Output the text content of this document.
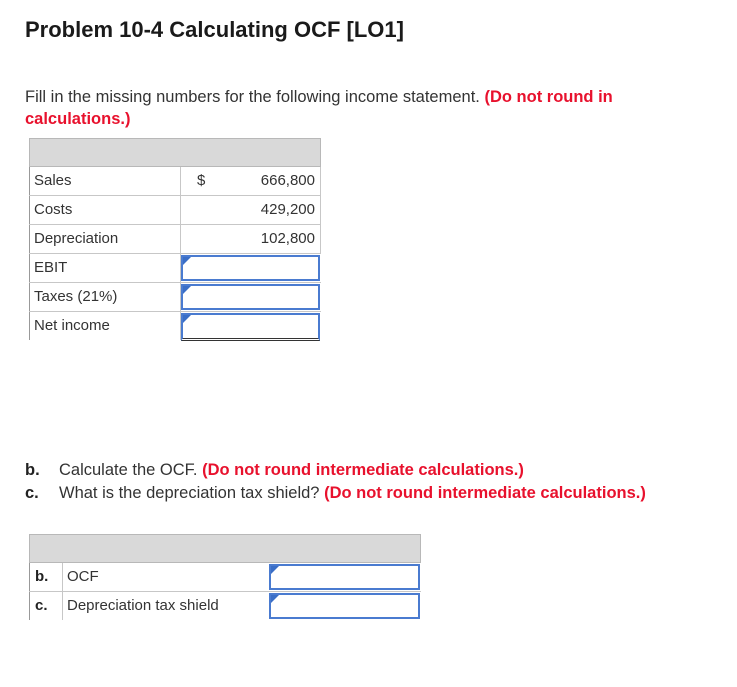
Problem 10-4 Calculating OCF [LO1]
Fill in the missing numbers for the following income statement. (Do not round in
calculations.)
Sales	$	666,800
Costs	429,200
Depreciation	102,800
EBIT
Taxes (21%)
Net income
b. Calculate the OCF. (Do not round intermediate calculations.)
c. What is the depreciation tax shield? (Do not round intermediate calculations.)
b.	OCF
c.	Depreciation tax shield
